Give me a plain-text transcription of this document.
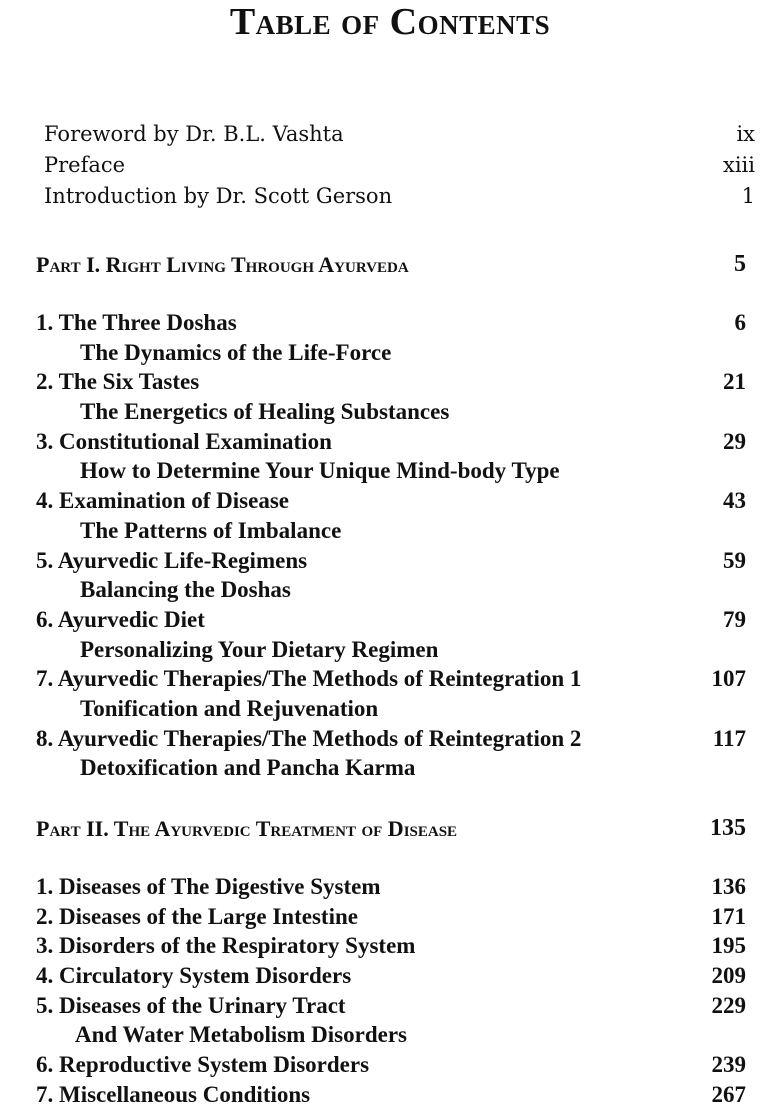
Table of Contents
Foreword by Dr. B.L. Vashta	ix
Preface	xiii
Introduction by Dr. Scott Gerson	1
Part I. Right Living Through Ayurveda	5
1. The Three Doshas	6
The Dynamics of the Life-Force
2. The Six Tastes	21
The Energetics of Healing Substances
3. Constitutional Examination	29
How to Determine Your Unique Mind-body Type
4. Examination of Disease	43
The Patterns of Imbalance
5. Ayurvedic Life-Regimens	59
Balancing the Doshas
6. Ayurvedic Diet	79
Personalizing Your Dietary Regimen
7. Ayurvedic Therapies/The Methods of Reintegration 1	107
Tonification and Rejuvenation
8. Ayurvedic Therapies/The Methods of Reintegration 2	117
Detoxification and Pancha Karma
Part II. The Ayurvedic Treatment of Disease	135
1. Diseases of The Digestive System	136
2. Diseases of the Large Intestine	171
3. Disorders of the Respiratory System	195
4. Circulatory System Disorders	209
5. Diseases of the Urinary Tract	229
And Water Metabolism Disorders
6. Reproductive System Disorders	239
7. Miscellaneous Conditions	267
